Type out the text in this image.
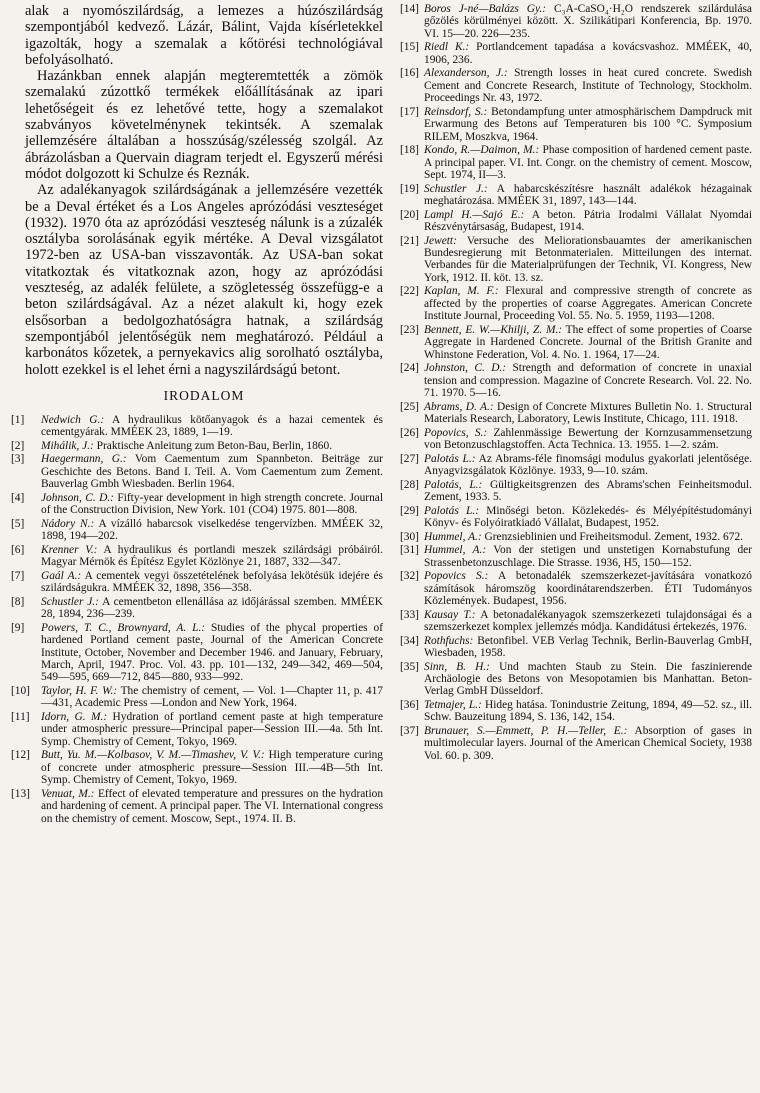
alak a nyomószilárdság, a lemezes a húzószilárdság szempontjából kedvező. Lázár, Bálint, Vajda kísérletekkel igazolták, hogy a szemalak a kőtörési technológiával befolyásolható.

Hazánkban ennek alapján megteremtették a zömök szemalakú zúzottkő termékek előállításának az ipari lehetőségeit és ez lehetővé tette, hogy a szemalakot szabványos követelménynek tekintsék. A szemalak jellemzésére általában a hosszúság/szélesség szolgál. Az ábrázolásban a Quervain diagram terjedt el. Egyszerű mérési módot dolgozott ki Schulze és Reznák.

Az adalékanyagok szilárdságának a jellemzésére vezették be a Deval értéket és a Los Angeles aprózódási veszteséget (1932). 1970 óta az aprózódási veszteség nálunk is a zúzalék osztályba sorolásának egyik mértéke. A Deval vizsgálatot 1972-ben az USA-ban visszavonták. Az USA-ban sokat vitatkoztak és vitatkoznak azon, hogy az aprózódási veszteség, az adalék felülete, a szögletesség összefügg-e a beton szilárdságával. Az a nézet alakult ki, hogy ezek elsősorban a bedolgozhatóságra hatnak, a szilárdság szempontjából jelentőségük nem meghatározó. Például a karbonátos kőzetek, a pernyekavics alig sorolható osztályba, holott ezekkel is el lehet érni a nagyszilárdságú betont.

IRODALOM
[1] Nedwich G.: A hydraulikus kötőanyagok és a hazai cementek és cementgyárak. MMÉEK 23, 1889, 1—19.
[2] Mihálik, J.: Praktische Anleitung zum Beton-Bau, Berlin, 1860.
[3] Haegermann, G.: Vom Caementum zum Spannbeton. Beiträge zur Geschichte des Betons. Band I. Teil. A. Vom Caementum zum Zement. Bauverlag Gmbh Wiesbaden. Berlin 1964.
[4] Johnson, C. D.: Fifty-year development in high strength concrete. Journal of the Construction Division, New York. 101 (CO4) 1975. 801—808.
[5] Nádory N.: A vízálló habarcsok viselkedése tengervízben. MMÉEK 32, 1898, 194—202.
[6] Krenner V.: A hydraulikus és portlandi meszek szilárdsági próbáiról. Magyar Mérnök és Építész Egylet Közlönye 21, 1887, 332—347.
[7] Gaál A.: A cementek vegyi összetételének befolyása lekötésük idejére és szilárdságukra. MMÉEK 32, 1898, 356—358.
[8] Schustler J.: A cementbeton ellenállása az időjárással szemben. MMÉEK 28, 1894, 236—239.
[9] Powers, T. C., Brownyard, A. L.: Studies of the phycal properties of hardened Portland cement paste, Journal of the American Concrete Institute, October, November and December 1946. and January, February, March, April, 1947. Proc. Vol. 43. pp. 101—132, 249—342, 469—504, 549—595, 669—712, 845—880, 933—992.
[10] Taylor, H. F. W.: The chemistry of cement, — Vol. 1—Chapter 11, p. 417—431, Academic Press —London and New York, 1964.
[11] Idorn, G. M.: Hydration of portland cement paste at high temperature under atmospheric pressure—Principal paper—Session III.—4a. 5th Int. Symp. Chemistry of Cement, Tokyo, 1969.
[12] Butt, Yu. M.—Kolbasov, V. M.—Timashev, V. V.: High temperature curing of concrete under atmospheric pressure—Session III.—4B—5th Int. Symp. Chemistry of Cement, Tokyo, 1969.
[13] Venuat, M.: Effect of elevated temperature and pressures on the hydration and hardening of cement. A principal paper. The VI. International congress on the chemistry of cement. Moscow, Sept., 1974. II. B.
[14] Boros J-né—Balázs Gy.: C₃A-CaSO₄·H₂O rendszerek szilárdulása gőzölés körülményei között. X. Szilikátipari Konferencia, Bp. 1970. VI. 15—20. 226—235.
[15] Riedl K.: Portlandcement tapadása a kovácsvashoz. MMÉEK, 40, 1906, 236.
[16] Alexanderson, J.: Strength losses in heat cured concrete. Swedish Cement and Concrete Research, Institute of Technology, Stockholm. Proceedings Nr. 43, 1972.
[17] Reinsdorf, S.: Betondampfung unter atmosphärischem Dampdruck mit Erwarmung des Betons auf Temperaturen bis 100 °C. Symposium RILEM, Moszkva, 1964.
[18] Kondo, R.—Daimon, M.: Phase composition of hardened cement paste. A principal paper. VI. Int. Congr. on the chemistry of cement. Moscow, Sept. 1974, II—3.
[19] Schustler J.: A habarcskészítésre használt adalékok hézagainak meghatározása. MMÉEK 31, 1897, 143—144.
[20] Lampl H.—Sajó E.: A beton. Pátria Irodalmi Vállalat Nyomdai Részvénytársaság, Budapest, 1914.
[21] Jewett: Versuche des Meliorationsbauamtes der amerikanischen Bundesregierung mit Betonmaterialen. Mitteilungen des internat. Verbandes für die Materialprüfungen der Technik, VI. Kongress, New York, 1912. II. köt. 13. sz.
[22] Kaplan, M. F.: Flexural and compressive strength of concrete as affected by the properties of coarse Aggregates. American Concrete Institute Journal, Proceeding Vol. 55. No. 5. 1959, 1193—1208.
[23] Bennett, E. W.—Khilji, Z. M.: The effect of some properties of Coarse Aggregate in Hardened Concrete. Journal of the British Granite and Whinstone Federation, Vol. 4. No. 1. 1964, 17—24.
[24] Johnston, C. D.: Strength and deformation of concrete in unaxial tension and compression. Magazine of Concrete Research. Vol. 22. No. 71. 1970. 5—16.
[25] Abrams, D. A.: Design of Concrete Mixtures Bulletin No. 1. Structural Materials Research, Laboratory, Lewis Institute, Chicago, 111. 1918.
[26] Popovics, S.: Zahlenmässige Bewertung der Kornzusammensetzung von Betonzuschlagstoffen. Acta Technica. 13. 1955. 1—2. szám.
[27] Palotás L.: Az Abrams-féle finomsági modulus gyakorlati jelentősége. Anyagvizsgálatok Közlönye. 1933, 9—10. szám.
[28] Palotás, L.: Gültigkeitsgrenzen des Abrams'schen Feinheitsmodul. Zement, 1933. 5.
[29] Palotás L.: Minőségi beton. Közlekedés- és Mélyépítéstudományi Könyv- és Folyóiratkiadó Vállalat, Budapest, 1952.
[30] Hummel, A.: Grenzsieblinien und Freiheitsmodul. Zement, 1932. 672.
[31] Hummel, A.: Von der stetigen und unstetigen Kornabstufung der Strassenbetonzuschlage. Die Strasse. 1936, H5, 150—152.
[32] Popovics S.: A betonadalék szemszerkezet-javítására vonatkozó számítások háromszög koordinátarendszerben. ÉTI Tudományos Közlemények. Budapest, 1956.
[33] Kausay T.: A betonadalékanyagok szemszerkezeti tulajdonságai és a szemszerkezet komplex jellemzés módja. Kandidátusi értekezés, 1976.
[34] Rothfuchs: Betonfibel. VEB Verlag Technik, Berlin-Bauverlag GmbH, Wiesbaden, 1958.
[35] Sinn, B. H.: Und machten Staub zu Stein. Die faszinierende Archäologie des Betons von Mesopotamien bis Manhattan. Beton- Verlag GmbH Düsseldorf.
[36] Tetmajer, L.: Hideg hatása. Tonindustrie Zeitung, 1894, 49—52. sz., ill. Schw. Bauzeitung 1894, S. 136, 142, 154.
[37] Brunauer, S.—Emmett, P. H.—Teller, E.: Absorption of gases in multimolecular layers. Journal of the American Chemical Society, 1938 Vol. 60. p. 309.
